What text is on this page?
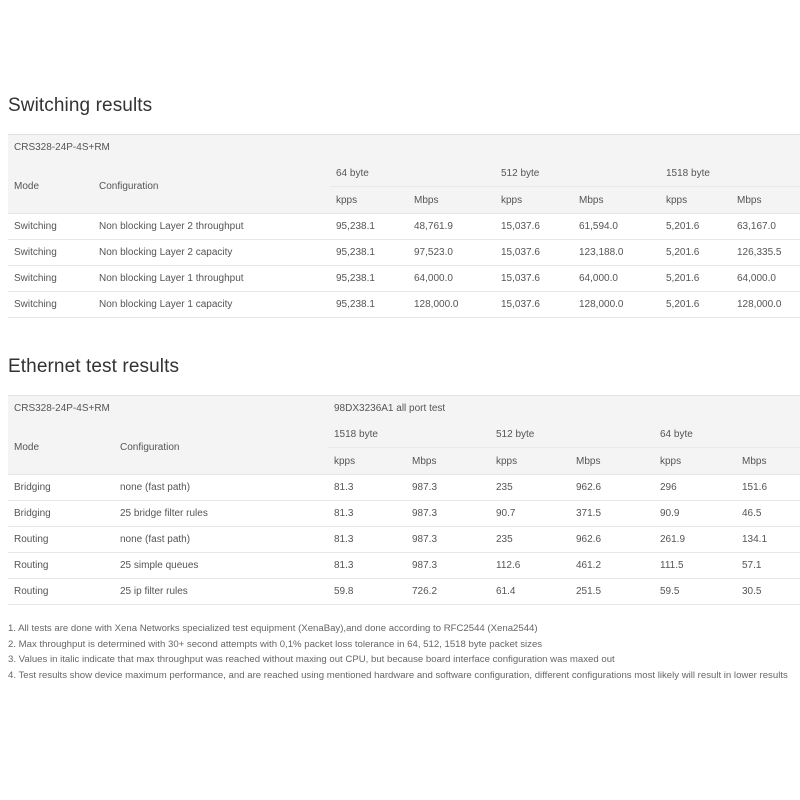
Switching results
CRS328-24P-4S+RM							
Mode	Configuration	64 byte		512 byte		1518 byte	
		kpps	Mbps	kpps	Mbps	kpps	Mbps
Switching	Non blocking Layer 2 throughput	95,238.1	48,761.9	15,037.6	61,594.0	5,201.6	63,167.0
Switching	Non blocking Layer 2 capacity	95,238.1	97,523.0	15,037.6	123,188.0	5,201.6	126,335.5
Switching	Non blocking Layer 1 throughput	95,238.1	64,000.0	15,037.6	64,000.0	5,201.6	64,000.0
Switching	Non blocking Layer 1 capacity	95,238.1	128,000.0	15,037.6	128,000.0	5,201.6	128,000.0
Ethernet test results
CRS328-24P-4S+RM		98DX3236A1 all port test					
Mode	Configuration	1518 byte		512 byte		64 byte	
		kpps	Mbps	kpps	Mbps	kpps	Mbps
Bridging	none (fast path)	81.3	987.3	235	962.6	296	151.6
Bridging	25 bridge filter rules	81.3	987.3	90.7	371.5	90.9	46.5
Routing	none (fast path)	81.3	987.3	235	962.6	261.9	134.1
Routing	25 simple queues	81.3	987.3	112.6	461.2	111.5	57.1
Routing	25 ip filter rules	59.8	726.2	61.4	251.5	59.5	30.5
1. All tests are done with Xena Networks specialized test equipment (XenaBay),and done according to RFC2544 (Xena2544)
2. Max throughput is determined with 30+ second attempts with 0,1% packet loss tolerance in 64, 512, 1518 byte packet sizes
3. Values in italic indicate that max throughput was reached without maxing out CPU, but because board interface configuration was maxed out
4. Test results show device maximum performance, and are reached using mentioned hardware and software configuration, different configurations most likely will result in lower results
